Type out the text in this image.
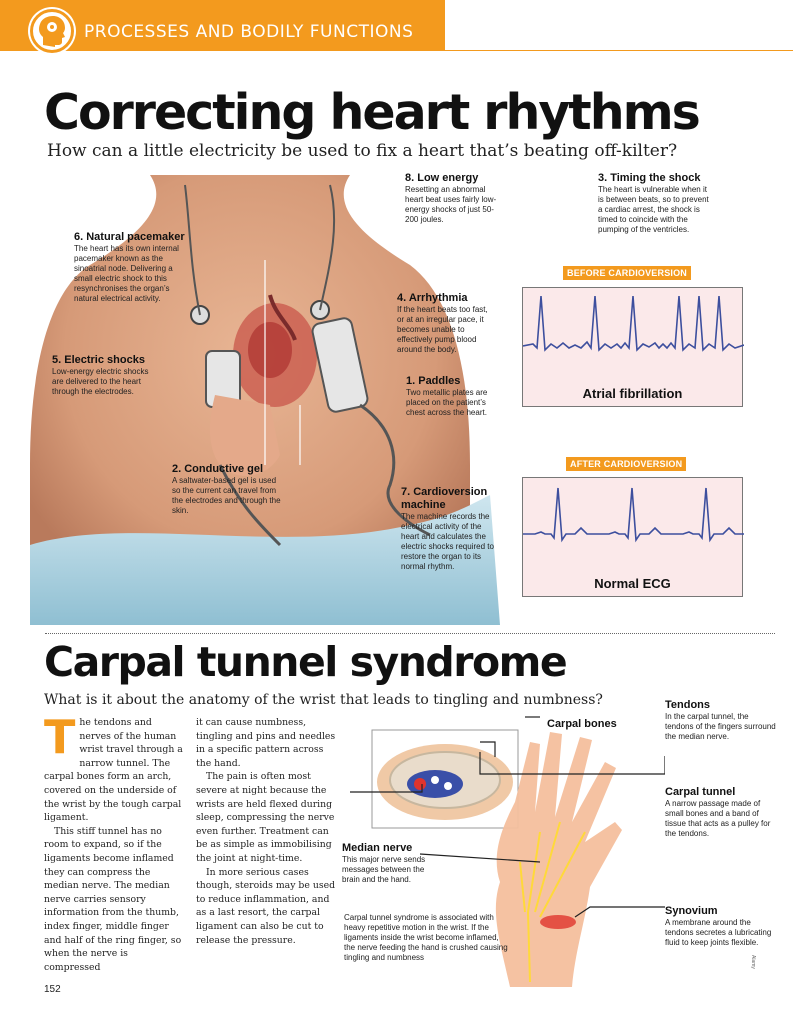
PROCESSES AND BODILY FUNCTIONS
Correcting heart rhythms
How can a little electricity be used to fix a heart that’s beating off-kilter?
8. Low energy
Resetting an abnormal heart beat uses fairly low-energy shocks of just 50-200 joules.
3. Timing the shock
The heart is vulnerable when it is between beats, so to prevent a cardiac arrest, the shock is timed to coincide with the pumping of the ventricles.
6. Natural pacemaker
The heart has its own internal pacemaker known as the sinoatrial node. Delivering a small electric shock to this resynchronises the organ’s natural electrical activity.	4. Arrhythmia
If the heart beats too fast, or at an irregular pace, it becomes unable to effectively pump blood around the body.
5. Electric shocks
Low-energy electric shocks are delivered to the heart through the electrodes.
1. Paddles
Two metallic plates are placed on the patient’s chest across the heart.
2. Conductive gel
A saltwater-based gel is used so the current can travel from the electrodes and through the skin.
7. Cardioversion machine
The machine records the electrical activity of the heart and calculates the electric shocks required to restore the organ to its normal rhythm.
BEFORE CARDIOVERSION
Atrial fibrillation
AFTER CARDIOVERSION
Normal ECG
Carpal tunnel syndrome
What is it about the anatomy of the wrist that leads to tingling and numbness?
T he tendons and nerves of the human wrist travel through a narrow tunnel. The carpal bones form an arch, covered on the underside of the wrist by the tough carpal ligament.

This stiff tunnel has no room to expand, so if the ligaments become inflamed they can compress the median nerve. The median nerve carries sensory information from the thumb, index finger, middle finger and half of the ring finger, so when the nerve is compressed

it can cause numbness, tingling and pins and needles in a specific pattern across the hand.

The pain is often most severe at night because the wrists are held flexed during sleep, compressing the nerve even further. Treatment can be as simple as immobilising the joint at night-time.

In more serious cases though, steroids may be used to reduce inflammation, and as a last resort, the carpal ligament can also be cut to release the pressure.

Carpal bones
Median nerve
This major nerve sends messages between the brain and the hand.
Carpal tunnel syndrome is associated with heavy repetitive motion in the wrist. If the ligaments inside the wrist become inflamed, the nerve feeding the hand is crushed causing tingling and numbness
Tendons
In the carpal tunnel, the tendons of the fingers surround the median nerve.
Carpal tunnel
A narrow passage made of small bones and a band of tissue that acts as a pulley for the tendons.
Synovium
A membrane around the tendons secretes a lubricating fluid to keep joints flexible.
152
Alamy
